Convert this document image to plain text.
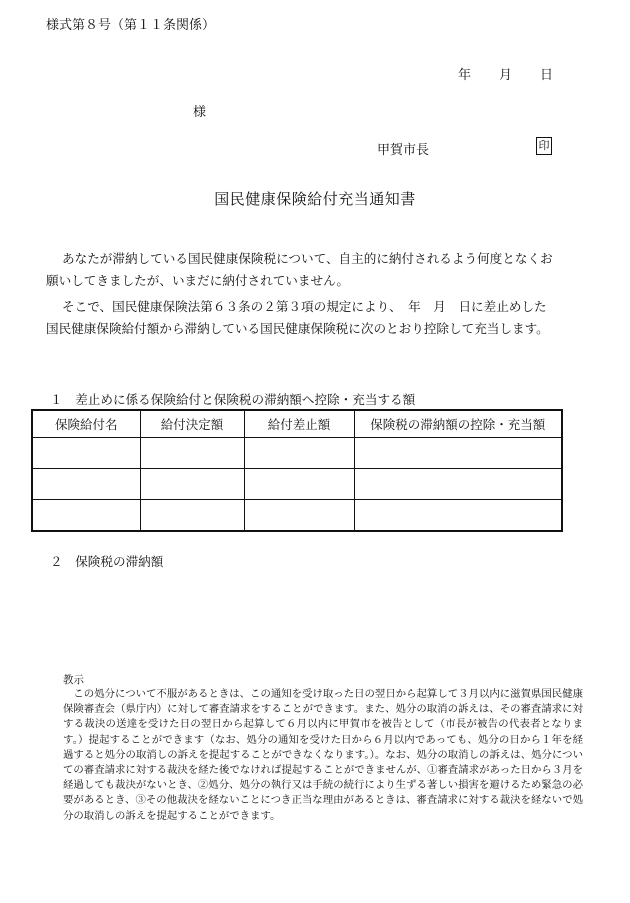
様式第８号（第１１条関係）
年 月 日
様
甲賀市長	印
国民健康保険給付充当通知書
あなたが滞納している国民健康保険税について、自主的に納付されるよう何度となくお
願いしてきましたが、いまだに納付されていません。
そこで、国民健康保険法第６３条の２第３項の規定により、　年　月　日に差止めした
国民健康保険給付額から滞納している国民健康保険税に次のとおり控除して充当します。
１　差止めに係る保険給付と保険税の滞納額へ控除・充当する額
保険給付名	給付決定額	給付差止額	保険税の滞納額の控除・充当額

２　保険税の滞納額
教示
この処分について不服があるときは、この通知を受け取った日の翌日から起算して３月以内に滋賀県国民健康保険審査会（県庁内）に対して審査請求をすることができます。また、処分の取消の訴えは、その審査請求に対する裁決の送達を受けた日の翌日から起算して６月以内に甲賀市を被告として（市長が被告の代表者となります。）提起することができます（なお、処分の通知を受けた日から６月以内であっても、処分の日から１年を経過すると処分の取消しの訴えを提起することができなくなります。）。なお、処分の取消しの訴えは、処分についての審査請求に対する裁決を経た後でなければ提起することができませんが、①審査請求があった日から３月を経過しても裁決がないとき、②処分、処分の執行又は手続の続行により生ずる著しい損害を避けるため緊急の必要があるとき、③その他裁決を経ないことにつき正当な理由があるときは、審査請求に対する裁決を経ないで処分の取消しの訴えを提起することができます。
